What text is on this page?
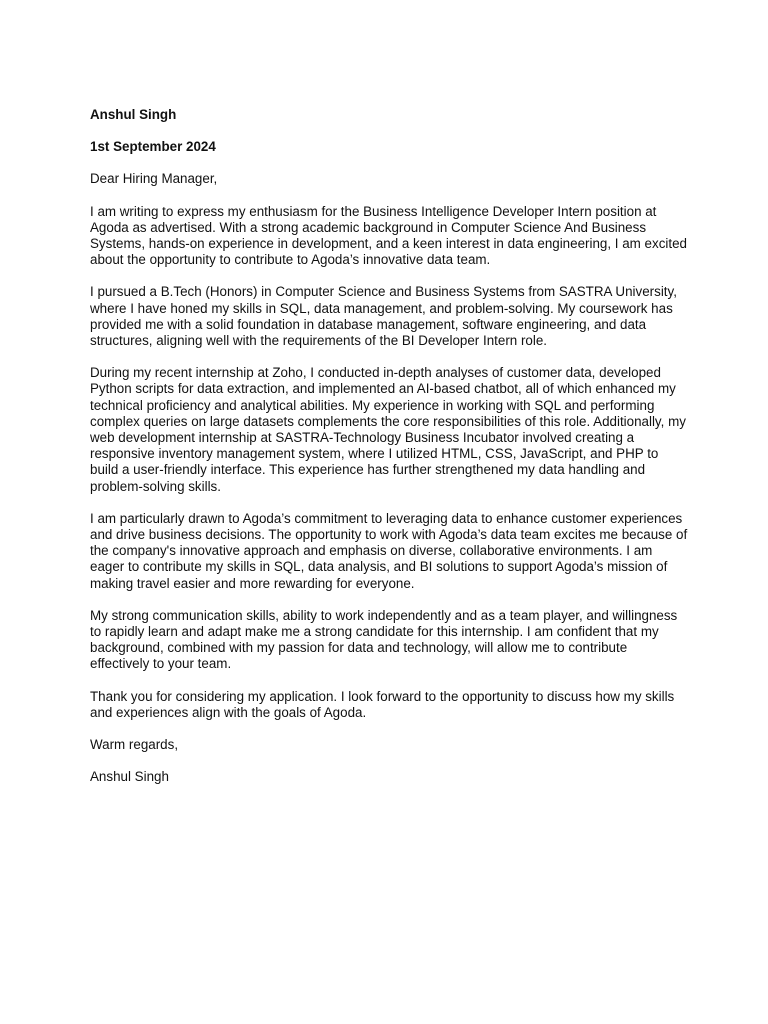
Anshul Singh
1st September 2024

Dear Hiring Manager,

I am writing to express my enthusiasm for the Business Intelligence Developer Intern position at Agoda as advertised. With a strong academic background in Computer Science And Business Systems, hands-on experience in development, and a keen interest in data engineering, I am excited about the opportunity to contribute to Agoda’s innovative data team.

I pursued a B.Tech (Honors) in Computer Science and Business Systems from SASTRA University, where I have honed my skills in SQL, data management, and problem-solving. My coursework has provided me with a solid foundation in database management, software engineering, and data structures, aligning well with the requirements of the BI Developer Intern role.

During my recent internship at Zoho, I conducted in-depth analyses of customer data, developed Python scripts for data extraction, and implemented an AI-based chatbot, all of which enhanced my technical proficiency and analytical abilities. My experience in working with SQL and performing complex queries on large datasets complements the core responsibilities of this role. Additionally, my web development internship at SASTRA-Technology Business Incubator involved creating a responsive inventory management system, where I utilized HTML, CSS, JavaScript, and PHP to build a user-friendly interface. This experience has further strengthened my data handling and problem-solving skills.

I am particularly drawn to Agoda’s commitment to leveraging data to enhance customer experiences and drive business decisions. The opportunity to work with Agoda’s data team excites me because of the company's innovative approach and emphasis on diverse, collaborative environments. I am eager to contribute my skills in SQL, data analysis, and BI solutions to support Agoda’s mission of making travel easier and more rewarding for everyone.

My strong communication skills, ability to work independently and as a team player, and willingness to rapidly learn and adapt make me a strong candidate for this internship. I am confident that my background, combined with my passion for data and technology, will allow me to contribute effectively to your team.

Thank you for considering my application. I look forward to the opportunity to discuss how my skills and experiences align with the goals of Agoda.

Warm regards,

Anshul Singh
